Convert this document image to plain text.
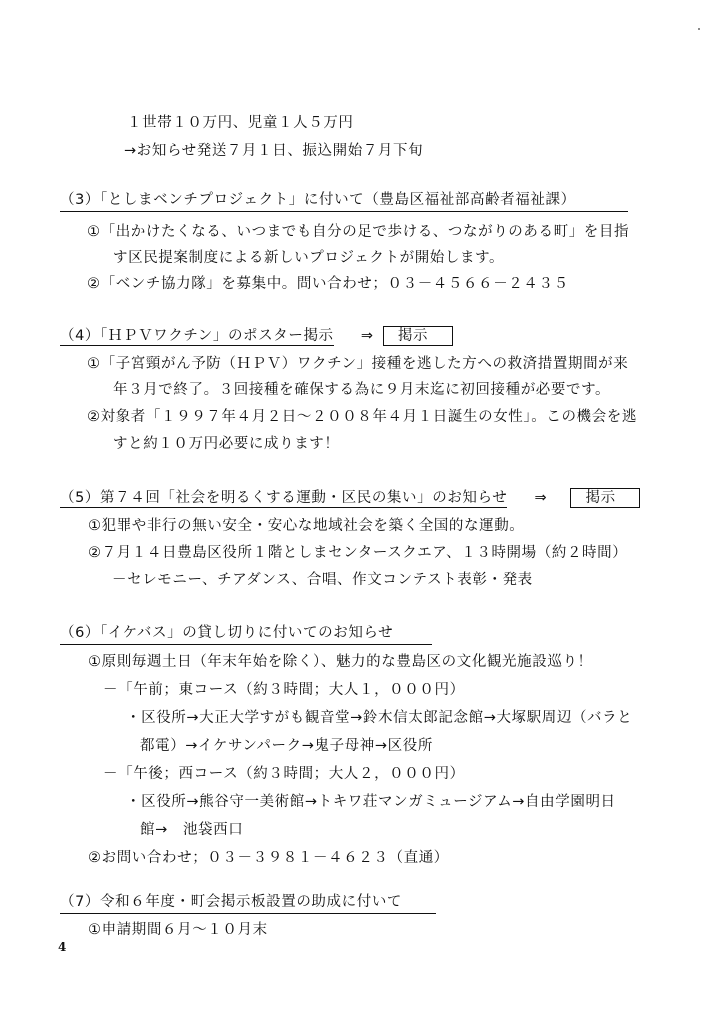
１世帯１０万円、児童１人５万円
→お知らせ発送７月１日、振込開始７月下旬
（3）「としまベンチプロジェクト」に付いて（豊島区福祉部高齢者福祉課）
①「出かけたくなる、いつまでも自分の足で歩ける、つながりのある町」を目指
す区民提案制度による新しいプロジェクトが開始します。
②「ベンチ協力隊」を募集中。問い合わせ；０３－４５６６－２４３５
（4）「ＨＰＶワクチン」のポスター掲示 ⇒ 掲示
①「子宮頸がん予防（ＨＰＶ）ワクチン」接種を逃した方への救済措置期間が来
年３月で終了。３回接種を確保する為に９月末迄に初回接種が必要です。
②対象者「１９９７年４月２日～２００８年４月１日誕生の女性」。この機会を逃
すと約１０万円必要に成ります！
（5）第７４回「社会を明るくする運動・区民の集い」のお知らせ ⇒	掲示
①犯罪や非行の無い安全・安心な地域社会を築く全国的な運動。
②７月１４日豊島区役所１階としまセンタースクエア、１３時開場（約２時間）
－セレモニー、チアダンス、合唱、作文コンテスト表彰・発表
（6）「イケバス」の貸し切りに付いてのお知らせ
①原則毎週土日（年末年始を除く）、魅力的な豊島区の文化観光施設巡り！
－「午前；東コース（約３時間；大人１，０００円）
・区役所→大正大学すがも観音堂→鈴木信太郎記念館→大塚駅周辺（バラと
都電）→イケサンパーク→鬼子母神→区役所
－「午後；西コース（約３時間；大人２，０００円）
・区役所→熊谷守一美術館→トキワ荘マンガミュージアム→自由学園明日
館→　池袋西口
②お問い合わせ；０３－３９８１－４６２３（直通）
（7）令和６年度・町会掲示板設置の助成に付いて
①申請期間６月～１０月末
4
